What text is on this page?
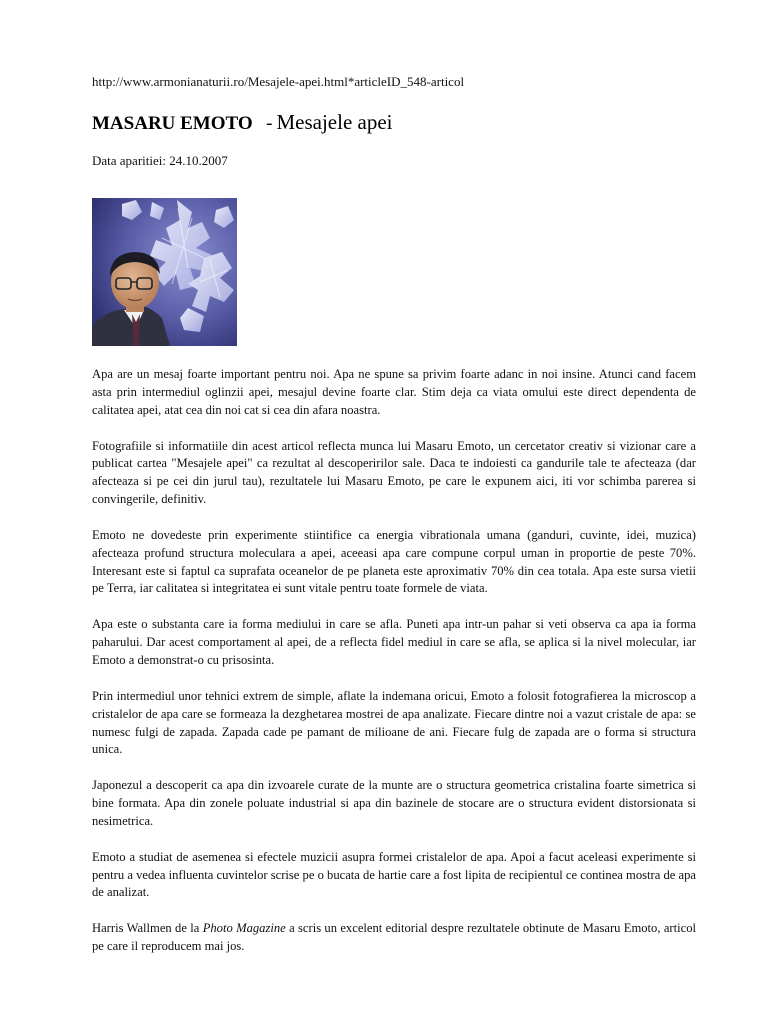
http://www.armonianaturii.ro/Mesajele-apei.html*articleID_548-articol
MASARU EMOTO - Mesajele apei
Data aparitiei: 24.10.2007

Apa are un mesaj foarte important pentru noi. Apa ne spune sa privim foarte adanc in noi insine. Atunci cand facem asta prin intermediul oglinzii apei, mesajul devine foarte clar. Stim deja ca viata omului este direct dependenta de calitatea apei, atat cea din noi cat si cea din afara noastra.

Fotografiile si informatiile din acest articol reflecta munca lui Masaru Emoto, un cercetator creativ si vizionar care a publicat cartea "Mesajele apei" ca rezultat al descoperirilor sale. Daca te indoiesti ca gandurile tale te afecteaza (dar afecteaza si pe cei din jurul tau), rezultatele lui Masaru Emoto, pe care le expunem aici, iti vor schimba parerea si convingerile, definitiv.

Emoto ne dovedeste prin experimente stiintifice ca energia vibrationala umana (ganduri, cuvinte, idei, muzica) afecteaza profund structura moleculara a apei, aceeasi apa care compune corpul uman in proportie de peste 70%. Interesant este si faptul ca suprafata oceanelor de pe planeta este aproximativ 70% din cea totala. Apa este sursa vietii pe Terra, iar calitatea si integritatea ei sunt vitale pentru toate formele de viata.

Apa este o substanta care ia forma mediului in care se afla. Puneti apa intr-un pahar si veti observa ca apa ia forma paharului. Dar acest comportament al apei, de a reflecta fidel mediul in care se afla, se aplica si la nivel molecular, iar Emoto a demonstrat-o cu prisosinta.

Prin intermediul unor tehnici extrem de simple, aflate la indemana oricui, Emoto a folosit fotografierea la microscop a cristalelor de apa care se formeaza la dezghetarea mostrei de apa analizate. Fiecare dintre noi a vazut cristale de apa: se numesc fulgi de zapada. Zapada cade pe pamant de milioane de ani. Fiecare fulg de zapada are o forma si structura unica.

Japonezul a descoperit ca apa din izvoarele curate de la munte are o structura geometrica cristalina foarte simetrica si bine formata. Apa din zonele poluate industrial si apa din bazinele de stocare are o structura evident distorsionata si nesimetrica.

Emoto a studiat de asemenea si efectele muzicii asupra formei cristalelor de apa. Apoi a facut aceleasi experimente si pentru a vedea influenta cuvintelor scrise pe o bucata de hartie care a fost lipita de recipientul ce continea mostra de apa de analizat.

Harris Wallmen de la Photo Magazine a scris un excelent editorial despre rezultatele obtinute de Masaru Emoto, articol pe care il reproducem mai jos.
